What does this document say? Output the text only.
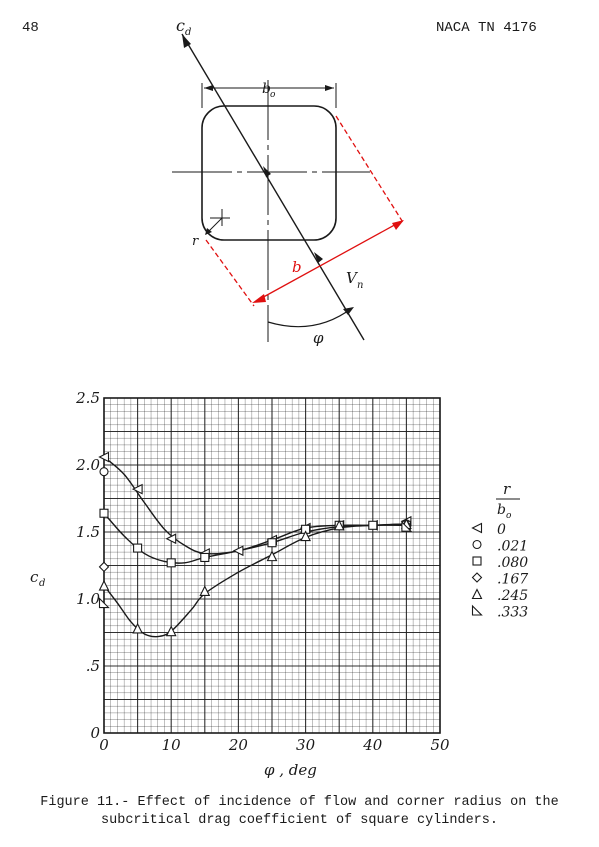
48	NACA TN 4176
c d
b o
b
r
V n
φ
0	10	20	30	40	50
0
.5
1.0
1.5
2.0
2.5
c d
φ , deg
r
b o
0
.021
.080
.167
.245
.333
Figure 11.- Effect of incidence of flow and corner radius on the
subcritical drag coefficient of square cylinders.
